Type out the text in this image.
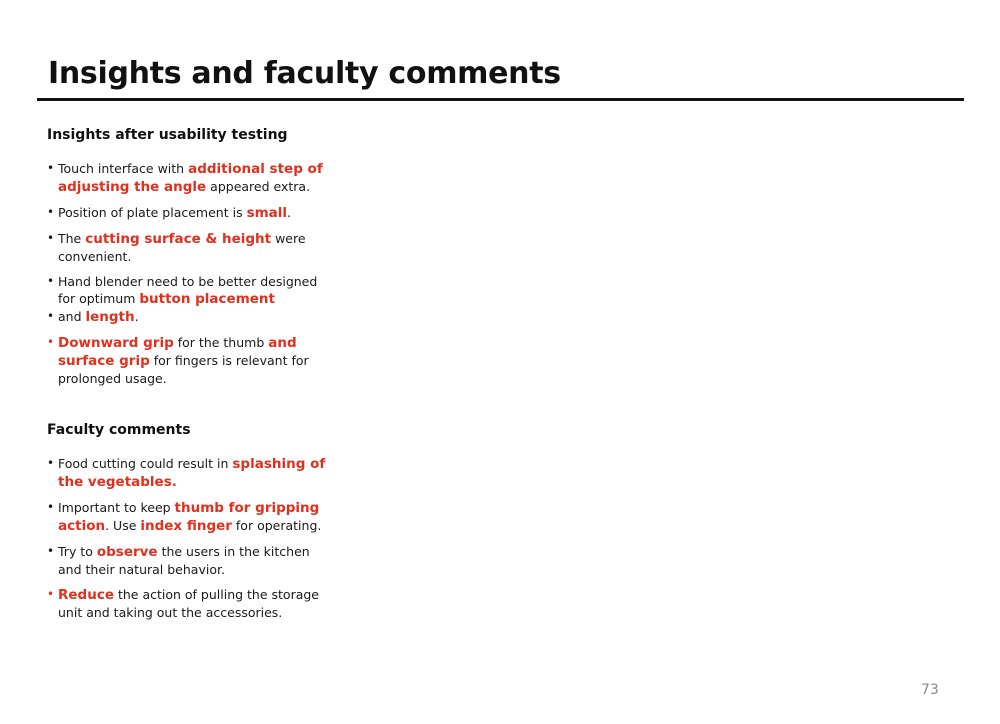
Insights and faculty comments
Insights after usability testing
• Touch interface with additional step of adjusting the angle appeared extra.
• Position of plate placement is small.
• The cutting surface & height were convenient.
• Hand blender need to be better designed for optimum button placement
• and length.
• Downward grip for the thumb and surface grip for fingers is relevant for prolonged usage.
Faculty comments
• Food cutting could result in splashing of the vegetables.
• Important to keep thumb for gripping action. Use index finger for operating.
• Try to observe the users in the kitchen and their natural behavior.
• Reduce the action of pulling the storage unit and taking out the accessories.
73
